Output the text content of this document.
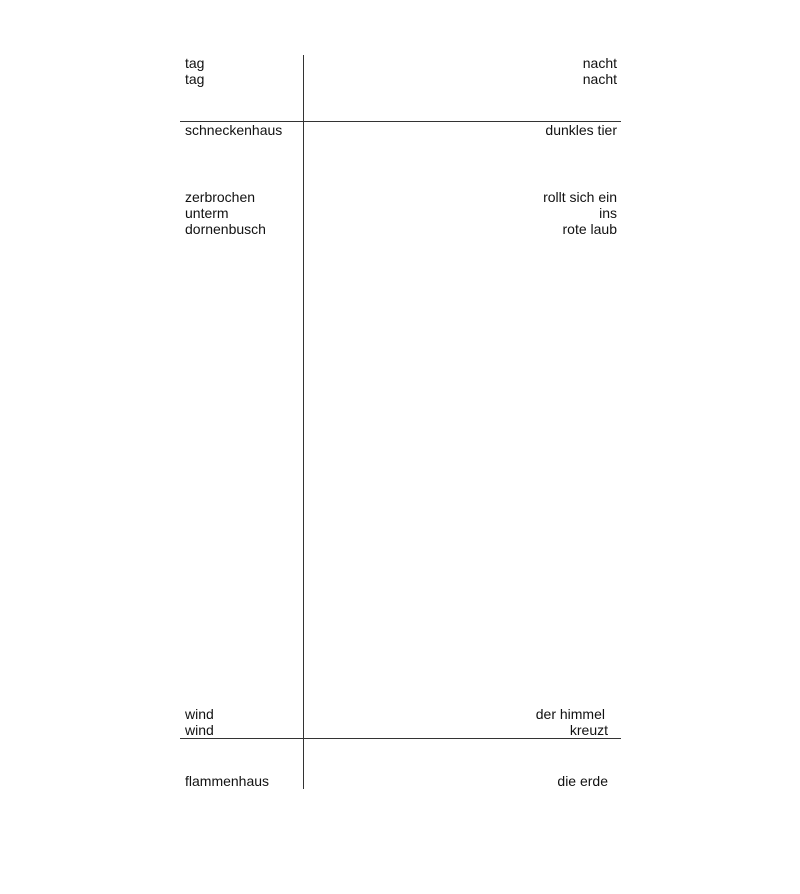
tag
tag
schneckenhaus
zerbrochen
unterm
dornenbusch
wind
wind
flammenhaus
nacht
nacht
dunkles tier
rollt sich ein
ins
rote laub
der himmel
kreuzt
die erde
